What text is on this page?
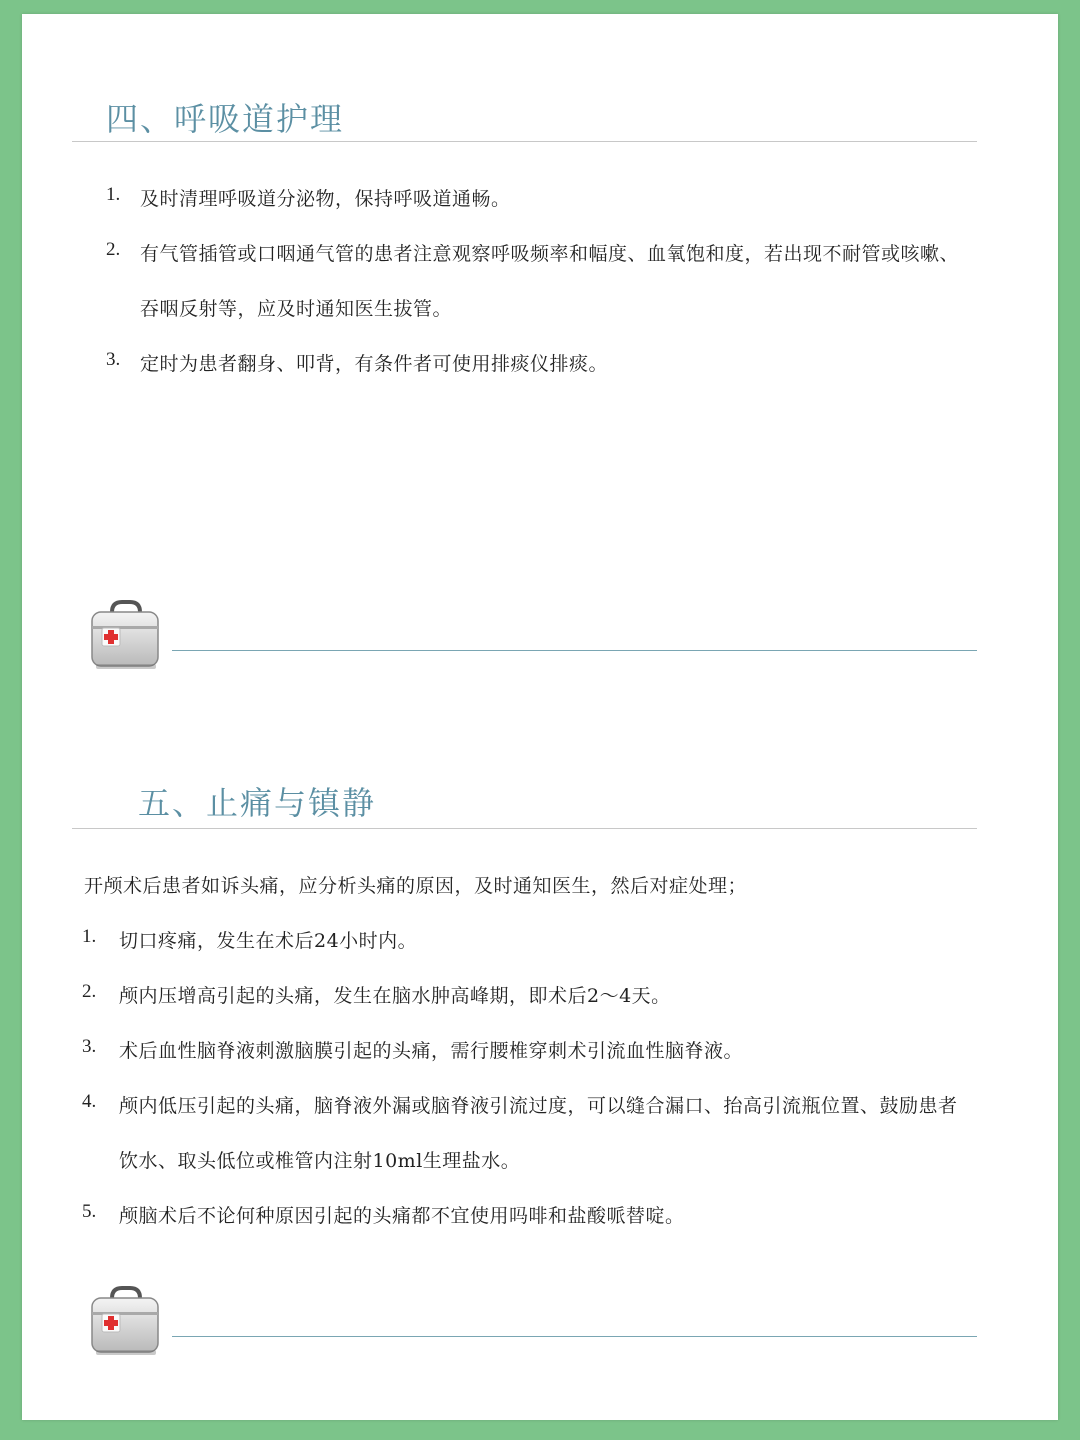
四、呼吸道护理
1. 及时清理呼吸道分泌物，保持呼吸道通畅。
2. 有气管插管或口咽通气管的患者注意观察呼吸频率和幅度、血氧饱和度，若出现不耐管或咳嗽、
吞咽反射等，应及时通知医生拔管。
3. 定时为患者翻身、叩背，有条件者可使用排痰仪排痰。
五、止痛与镇静
开颅术后患者如诉头痛，应分析头痛的原因，及时通知医生，然后对症处理；
1. 切口疼痛，发生在术后24小时内。
2. 颅内压增高引起的头痛，发生在脑水肿高峰期，即术后2～4天。
3. 术后血性脑脊液刺激脑膜引起的头痛，需行腰椎穿刺术引流血性脑脊液。
4. 颅内低压引起的头痛，脑脊液外漏或脑脊液引流过度，可以缝合漏口、抬高引流瓶位置、鼓励患者
饮水、取头低位或椎管内注射10ml生理盐水。
5. 颅脑术后不论何种原因引起的头痛都不宜使用吗啡和盐酸哌替啶。
